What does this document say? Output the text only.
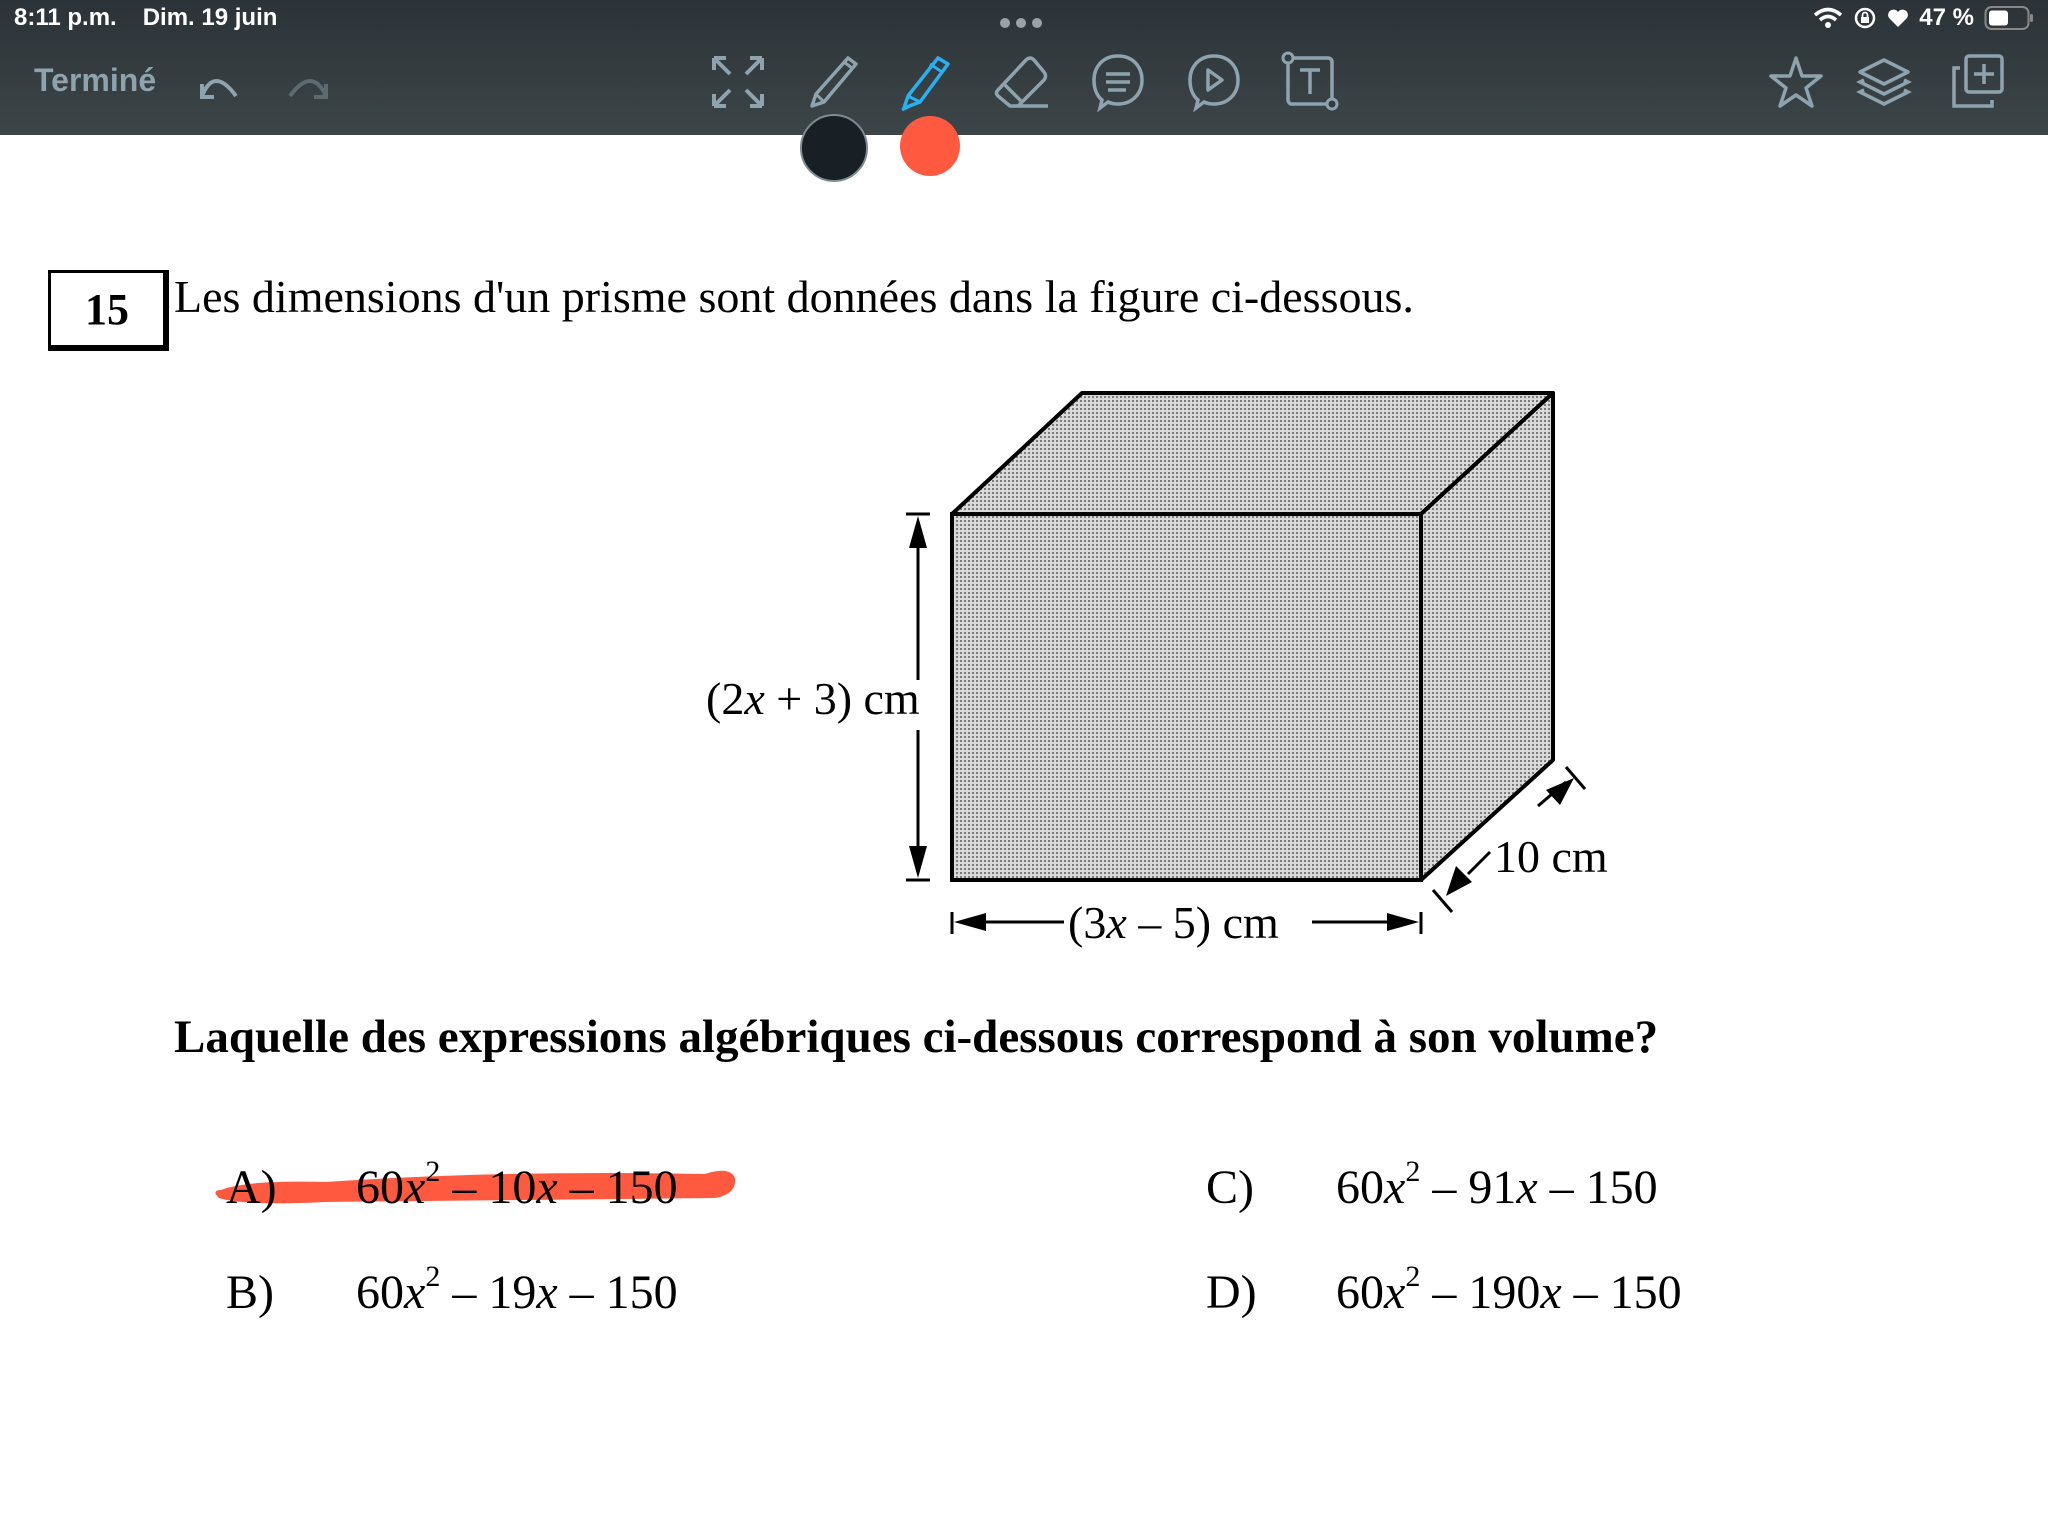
8:11 p.m. Dim. 19 juin	47 %
Terminé
15 Les dimensions d'un prisme sont données dans la figure ci-dessous.
(2x + 3) cm
(3x – 5) cm
10 cm
Laquelle des expressions algébriques ci-dessous correspond à son volume?
A) $60x^2 - 10x - 150$
B) $60x^2 - 19x - 150$
C) $60x^2 - 91x - 150$
D) $60x^2 - 190x - 150$
